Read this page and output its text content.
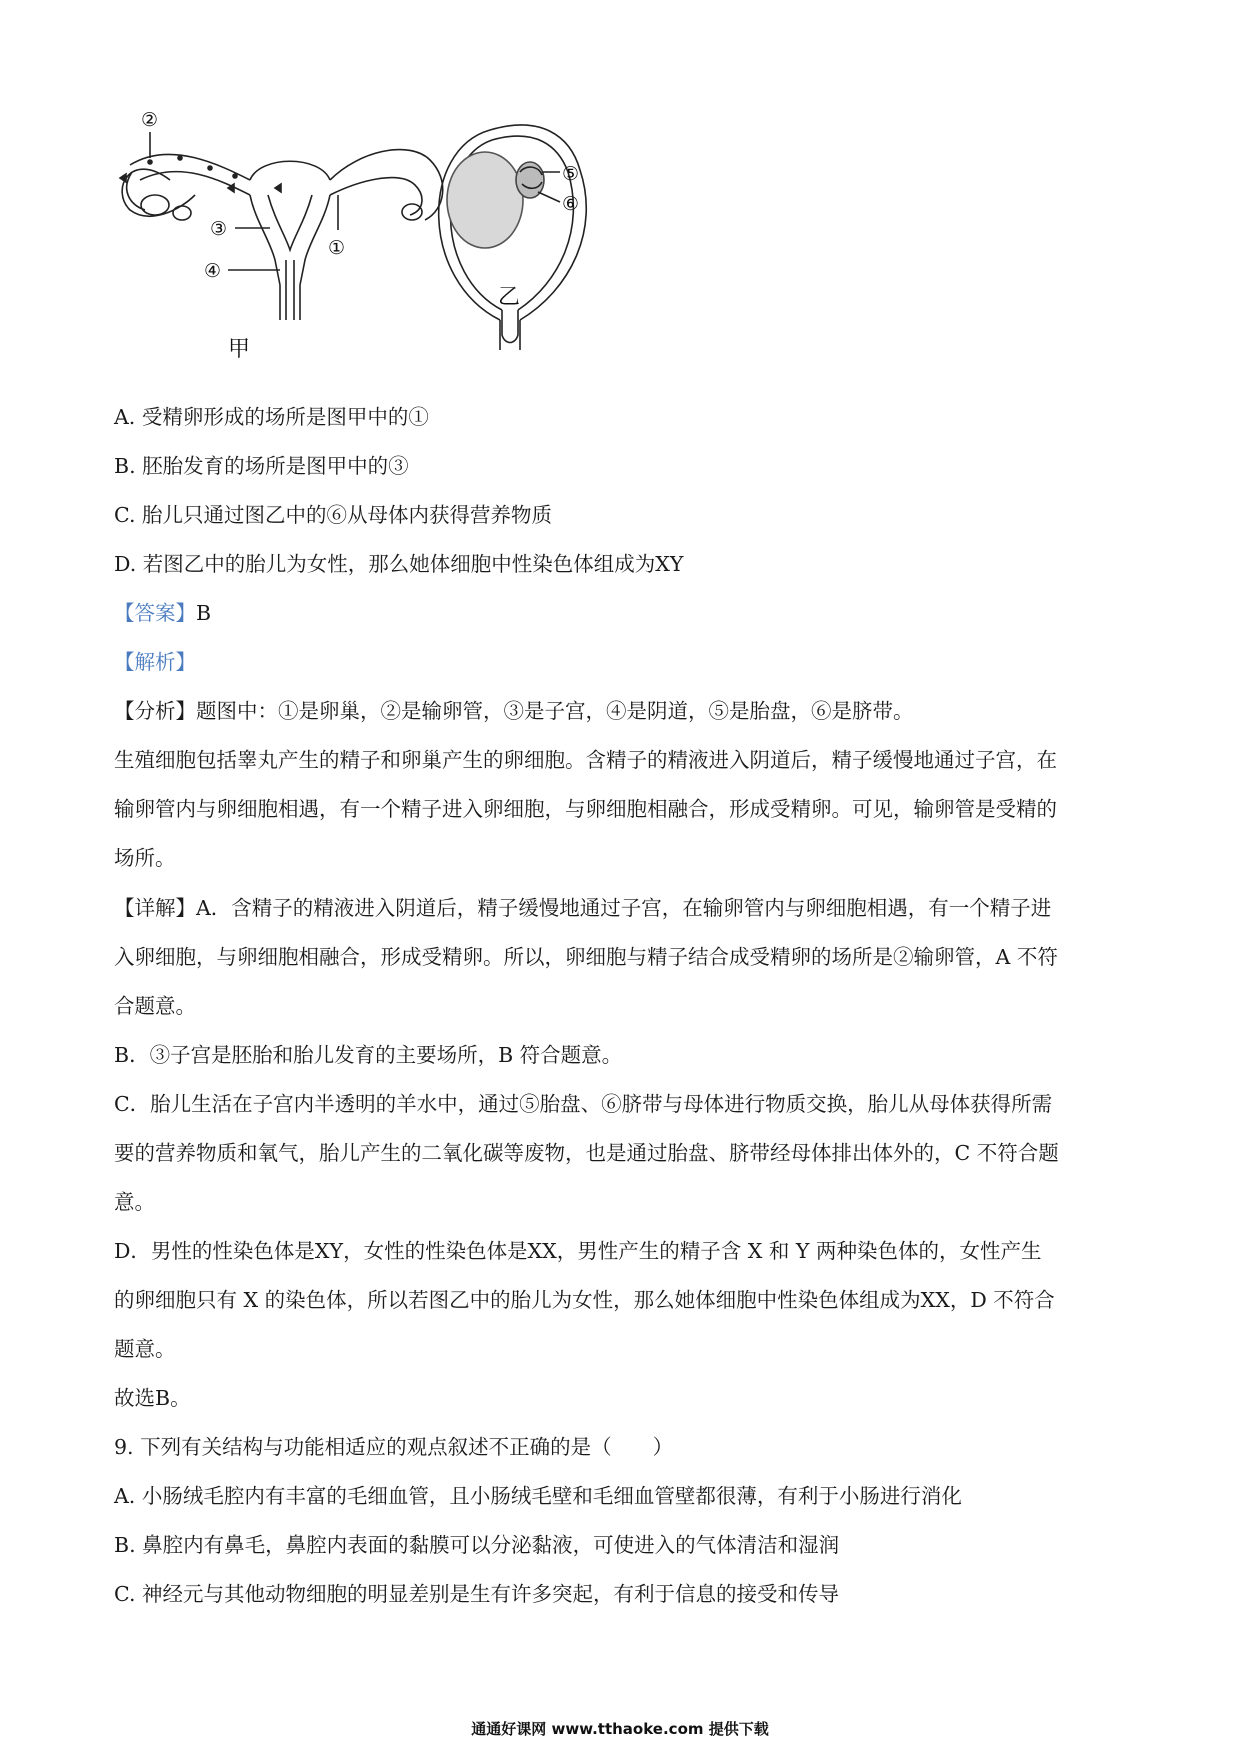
②
③
④
①
甲
⑤
⑥
乙
A. 受精卵形成的场所是图甲中的①
B. 胚胎发育的场所是图甲中的③
C. 胎儿只通过图乙中的⑥从母体内获得营养物质
D. 若图乙中的胎儿为女性，那么她体细胞中性染色体组成为XY
【答案】B
【解析】
【分析】题图中：①是卵巢，②是输卵管，③是子宫，④是阴道，⑤是胎盘，⑥是脐带。
生殖细胞包括睾丸产生的精子和卵巢产生的卵细胞。含精子的精液进入阴道后，精子缓慢地通过子宫，在
输卵管内与卵细胞相遇，有一个精子进入卵细胞，与卵细胞相融合，形成受精卵。可见，输卵管是受精的
场所。
【详解】A．含精子的精液进入阴道后，精子缓慢地通过子宫，在输卵管内与卵细胞相遇，有一个精子进
入卵细胞，与卵细胞相融合，形成受精卵。所以，卵细胞与精子结合成受精卵的场所是②输卵管，A 不符
合题意。
B．③子宫是胚胎和胎儿发育的主要场所，B 符合题意。
C．胎儿生活在子宫内半透明的羊水中，通过⑤胎盘、⑥脐带与母体进行物质交换，胎儿从母体获得所需
要的营养物质和氧气，胎儿产生的二氧化碳等废物，也是通过胎盘、脐带经母体排出体外的，C 不符合题
意。
D．男性的性染色体是XY，女性的性染色体是XX，男性产生的精子含 X 和 Y 两种染色体的，女性产生
的卵细胞只有 X 的染色体，所以若图乙中的胎儿为女性，那么她体细胞中性染色体组成为XX，D 不符合
题意。
故选B。
9. 下列有关结构与功能相适应的观点叙述不正确的是（　　）
A. 小肠绒毛腔内有丰富的毛细血管，且小肠绒毛壁和毛细血管壁都很薄，有利于小肠进行消化
B. 鼻腔内有鼻毛，鼻腔内表面的黏膜可以分泌黏液，可使进入的气体清洁和湿润
C. 神经元与其他动物细胞的明显差别是生有许多突起，有利于信息的接受和传导
通通好课网 www.tthaoke.com 提供下载
